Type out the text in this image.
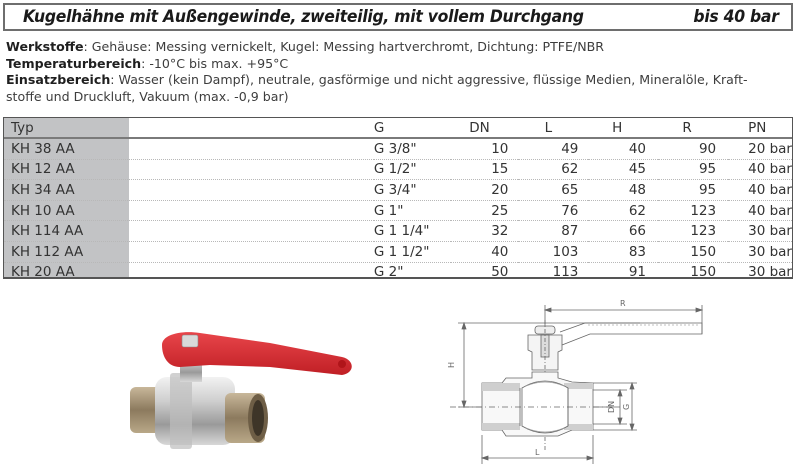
Kugelhähne mit Außengewinde, zweiteilig, mit vollem Durchgang	bis 40 bar
Werkstoffe: Gehäuse: Messing vernickelt, Kugel: Messing hartverchromt, Dichtung: PTFE/NBR
Temperaturbereich: -10°C bis max. +95°C
Einsatzbereich: Wasser (kein Dampf), neutrale, gasförmige und nicht aggressive, flüssige Medien, Mineralöle, Kraft-
stoffe und Druckluft, Vakuum (max. -0,9 bar)
Typ	G	DN	L	H	R	PN
KH 38 AA	G 3/8"	10	49	40	90	20 bar
KH 12 AA	G 1/2"	15	62	45	95	40 bar
KH 34 AA	G 3/4"	20	65	48	95	40 bar
KH 10 AA	G 1"	25	76	62	123	40 bar
KH 114 AA	G 1 1/4"	32	87	66	123	30 bar
KH 112 AA	G 1 1/2"	40	103	83	150	30 bar
KH 20 AA	G 2"	50	113	91	150	30 bar
R
H
DN G
L
